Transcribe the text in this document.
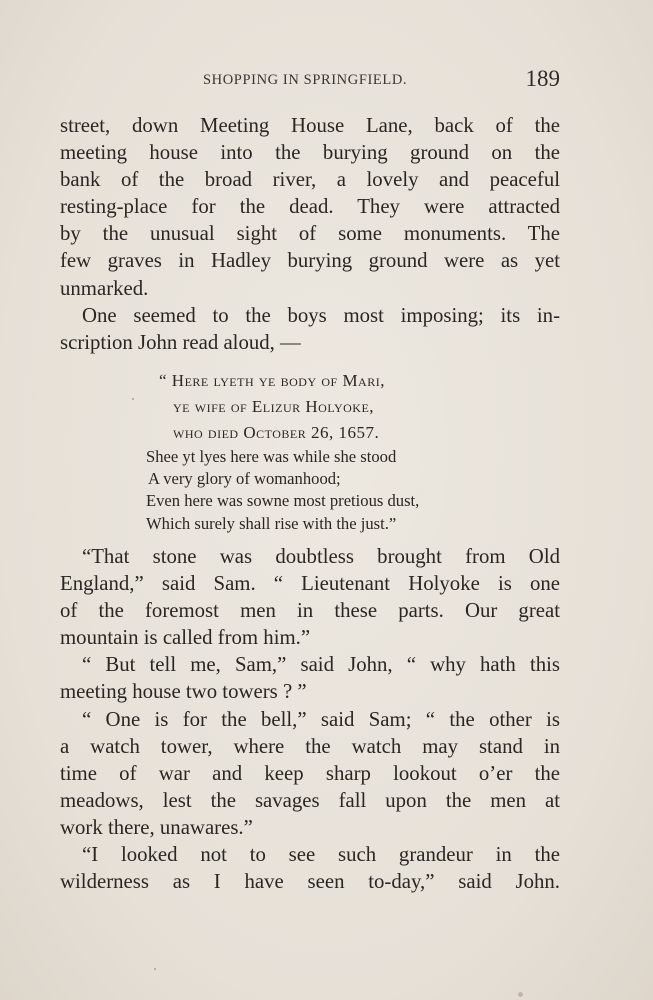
SHOPPING IN SPRINGFIELD.	189
street, down Meeting House Lane, back of the
meeting house into the burying ground on the
bank of the broad river, a lovely and peaceful
resting-place for the dead. They were attracted
by the unusual sight of some monuments. The
few graves in Hadley burying ground were as yet
unmarked.
One seemed to the boys most imposing; its in-
scription John read aloud, —
“ Here lyeth ye body of Mari,
ye wife of Elizur Holyoke,
who died October 26, 1657.
Shee yt lyes here was while she stood
A very glory of womanhood;
Even here was sowne most pretious dust,
Which surely shall rise with the just.”
“That stone was doubtless brought from Old
England,” said Sam. “ Lieutenant Holyoke is one
of the foremost men in these parts. Our great
mountain is called from him.”
“ But tell me, Sam,” said John, “ why hath this
meeting house two towers ? ”
“ One is for the bell,” said Sam; “ the other is
a watch tower, where the watch may stand in
time of war and keep sharp lookout o’er the
meadows, lest the savages fall upon the men at
work there, unawares.”
“I looked not to see such grandeur in the
wilderness as I have seen to-day,” said John.
